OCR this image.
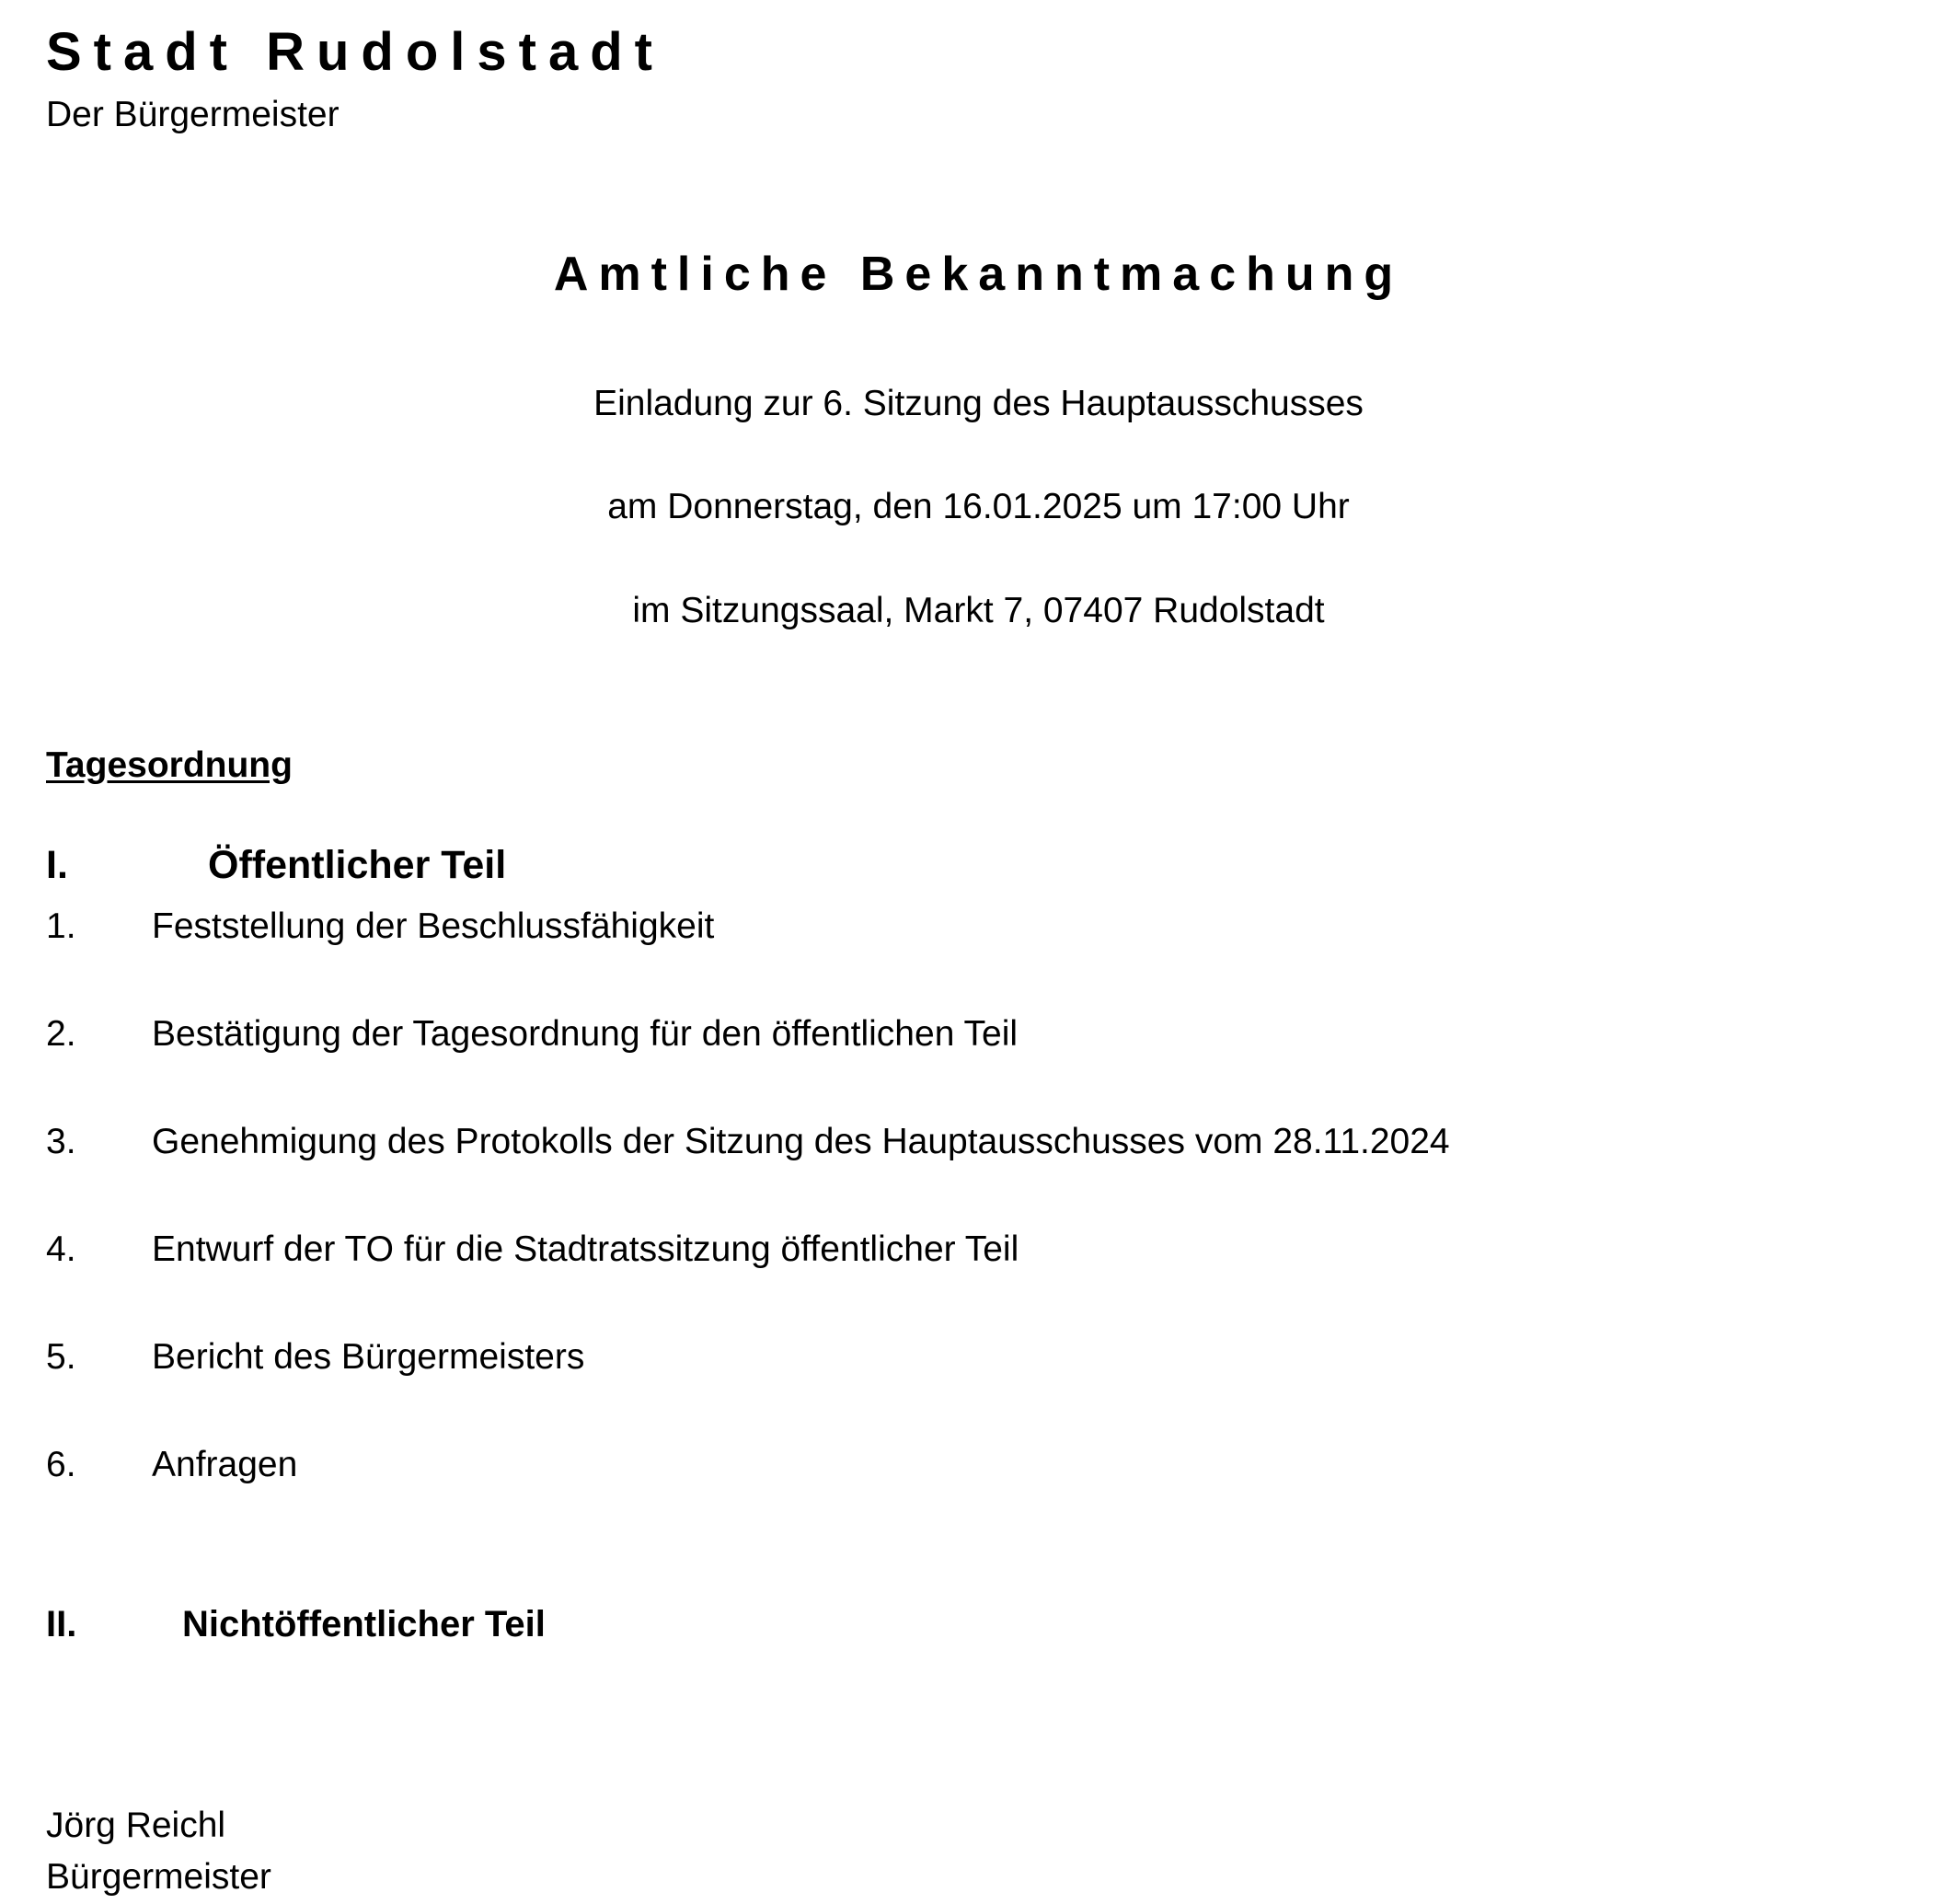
Stadt Rudolstadt
Der Bürgermeister
Amtliche Bekanntmachung
Einladung zur 6. Sitzung des Hauptausschusses
am Donnerstag, den 16.01.2025 um 17:00 Uhr
im Sitzungssaal, Markt 7, 07407 Rudolstadt
Tagesordnung
I.	Öffentlicher Teil
1. Feststellung der Beschlussfähigkeit
2. Bestätigung der Tagesordnung für den öffentlichen Teil
3. Genehmigung des Protokolls der Sitzung des Hauptausschusses vom 28.11.2024
4. Entwurf der TO für die Stadtratssitzung öffentlicher Teil
5. Bericht des Bürgermeisters
6. Anfragen
II.	Nichtöffentlicher Teil
Jörg Reichl
Bürgermeister
